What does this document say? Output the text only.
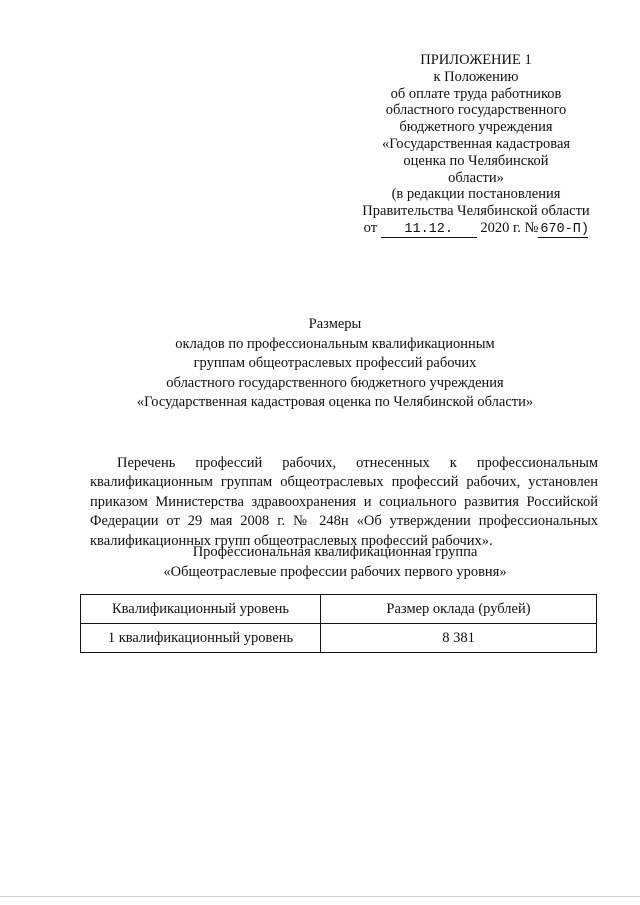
ПРИЛОЖЕНИЕ 1
к Положению
об оплате труда работников
областного государственного
бюджетного учреждения
«Государственная кадастровая
оценка по Челябинской
области»
(в редакции постановления
Правительства Челябинской области
от 11.12. 2020 г. № 670-П)
Размеры
окладов по профессиональным квалификационным
группам общеотраслевых профессий рабочих
областного государственного бюджетного учреждения
«Государственная кадастровая оценка по Челябинской области»

Перечень профессий рабочих, отнесенных к профессиональным квалификационным группам общеотраслевых профессий рабочих, установлен приказом Министерства здравоохранения и социального развития Российской Федерации от 29 мая 2008 г. № 248н «Об утверждении профессиональных квалификационных групп общеотраслевых профессий рабочих».

Профессиональная квалификационная группа
«Общеотраслевые профессии рабочих первого уровня»
Квалификационный уровень	Размер оклада (рублей)
1 квалификационный уровень	8 381
